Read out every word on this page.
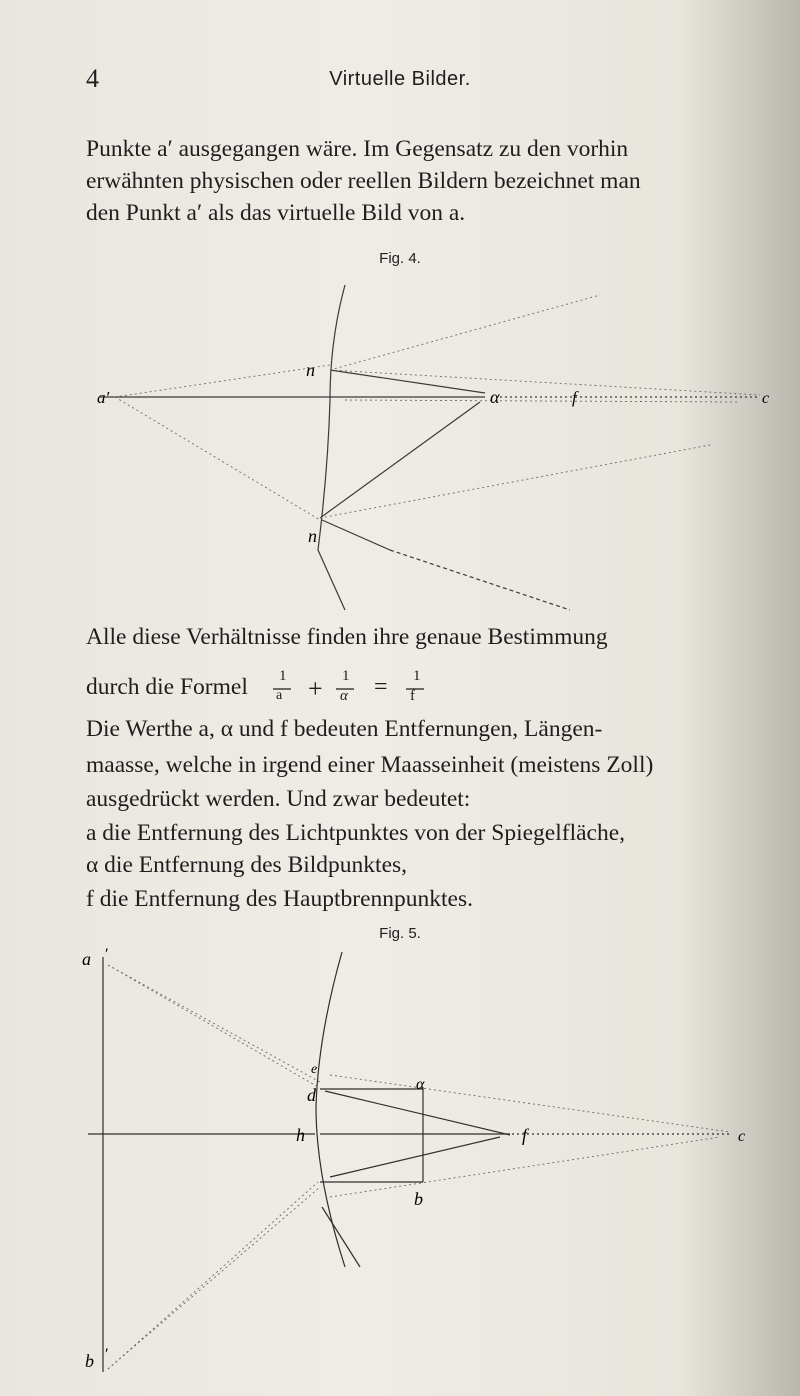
4	Virtuelle Bilder.
Punkte a′ ausgegangen wäre. Im Gegensatz zu den vorhin
erwähnten physischen oder reellen Bildern bezeichnet man
den Punkt a′ als das virtuelle Bild von a.
Fig. 4.
a′
n
α	f	c
n
Alle diese Verhältnisse finden ihre genaue Bestimmung
durch die Formel 1
a + 1
α = 1
f
Die Werthe a, α und f bedeuten Entfernungen, Längen-
maasse, welche in irgend einer Maasseinheit (meistens Zoll)
ausgedrückt werden. Und zwar bedeutet:
a die Entfernung des Lichtpunktes von der Spiegelfläche,
α die Entfernung des Bildpunktes,
f die Entfernung des Hauptbrennpunktes.
Fig. 5.
a ′
e
d
α
h	f	c
b
b ′
